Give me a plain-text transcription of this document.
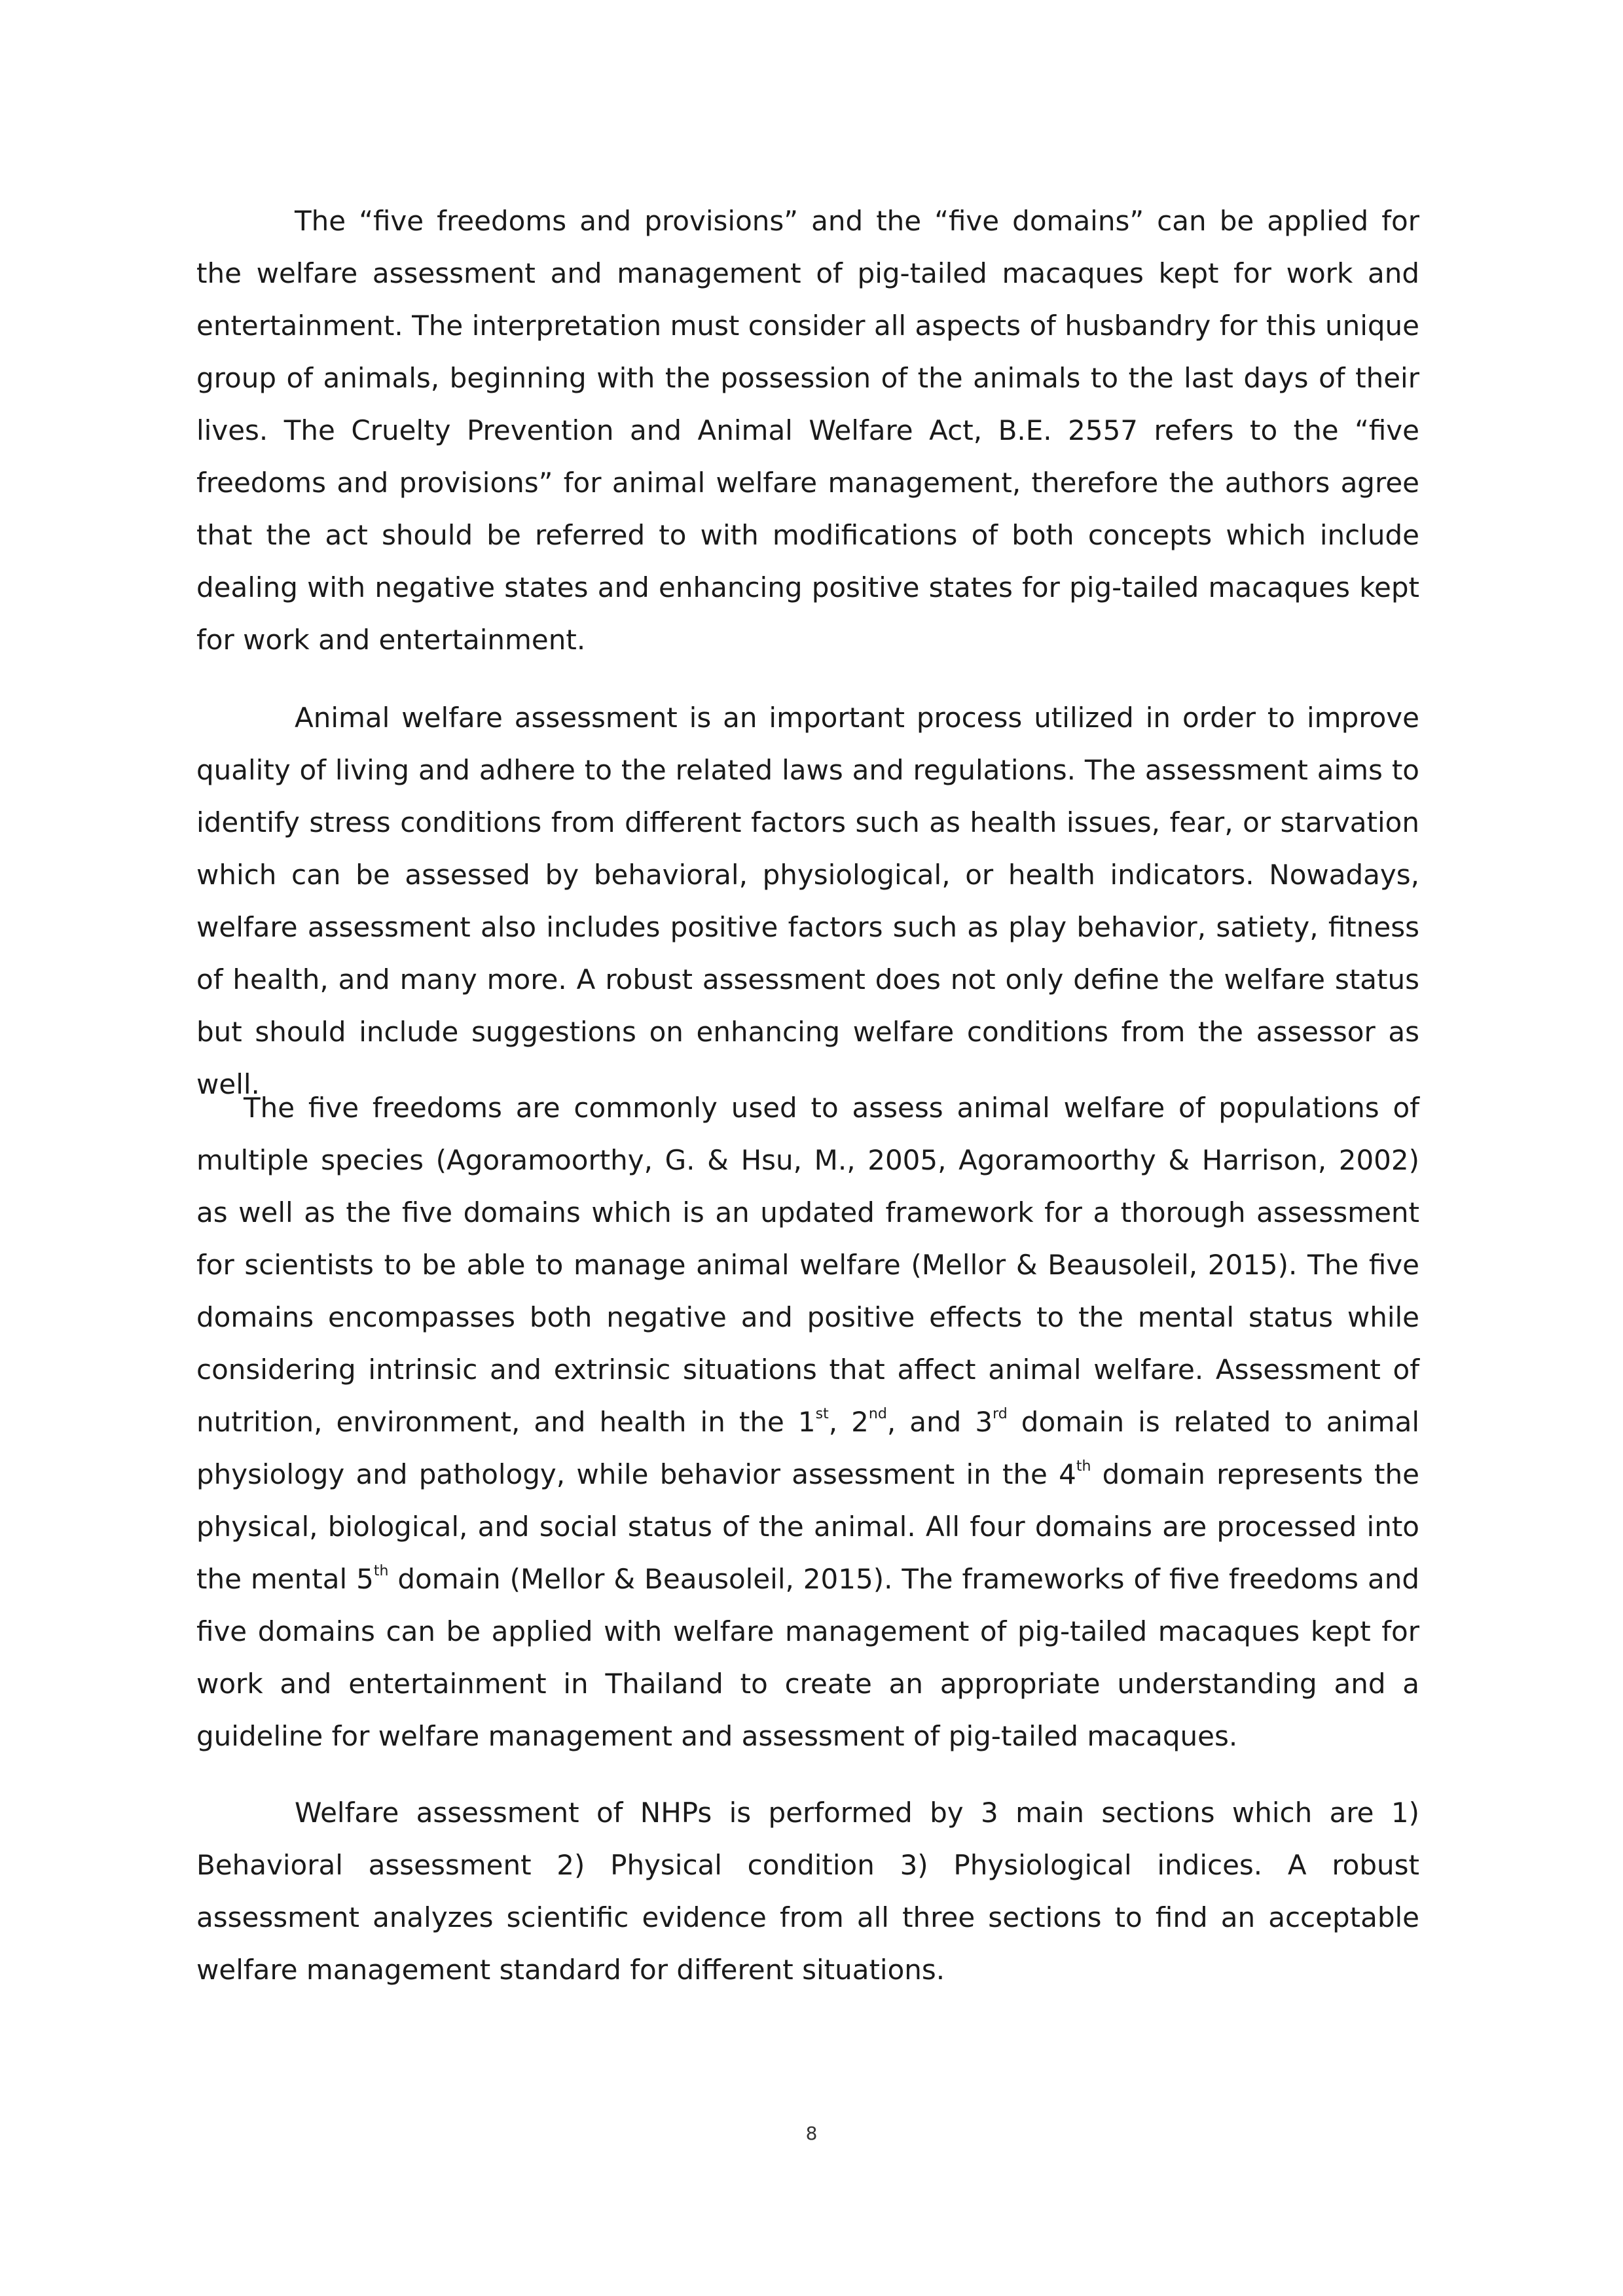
The “five freedoms and provisions” and the “five domains” can be applied for the welfare assessment and management of pig-tailed macaques kept for work and entertainment. The interpretation must consider all aspects of husbandry for this unique group of animals, beginning with the possession of the animals to the last days of their lives. The Cruelty Prevention and Animal Welfare Act, B.E. 2557 refers to the “five freedoms and provisions” for animal welfare management, therefore the authors agree that the act should be referred to with modifications of both concepts which include dealing with negative states and enhancing positive states for pig-tailed macaques kept for work and entertainment.

Animal welfare assessment is an important process utilized in order to improve quality of living and adhere to the related laws and regulations. The assessment aims to identify stress conditions from different factors such as health issues, fear, or starvation which can be assessed by behavioral, physiological, or health indicators. Nowadays, welfare assessment also includes positive factors such as play behavior, satiety, fitness of health, and many more. A robust assessment does not only define the welfare status but should include suggestions on enhancing welfare conditions from the assessor as well.

The five freedoms are commonly used to assess animal welfare of populations of multiple species (Agoramoorthy, G. & Hsu, M., 2005, Agoramoorthy & Harrison, 2002) as well as the five domains which is an updated framework for a thorough assessment for scientists to be able to manage animal welfare (Mellor & Beausoleil, 2015). The five domains encompasses both negative and positive effects to the mental status while considering intrinsic and extrinsic situations that affect animal welfare. Assessment of nutrition, environment, and health in the 1st, 2nd, and 3rd domain is related to animal physiology and pathology, while behavior assessment in the 4th domain represents the physical, biological, and social status of the animal. All four domains are processed into the mental 5th domain (Mellor & Beausoleil, 2015). The frameworks of five freedoms and five domains can be applied with welfare management of pig-tailed macaques kept for work and entertainment in Thailand to create an appropriate understanding and a guideline for welfare management and assessment of pig-tailed macaques.

Welfare assessment of NHPs is performed by 3 main sections which are 1) Behavioral assessment 2) Physical condition 3) Physiological indices. A robust assessment analyzes scientific evidence from all three sections to find an acceptable welfare management standard for different situations.

8
